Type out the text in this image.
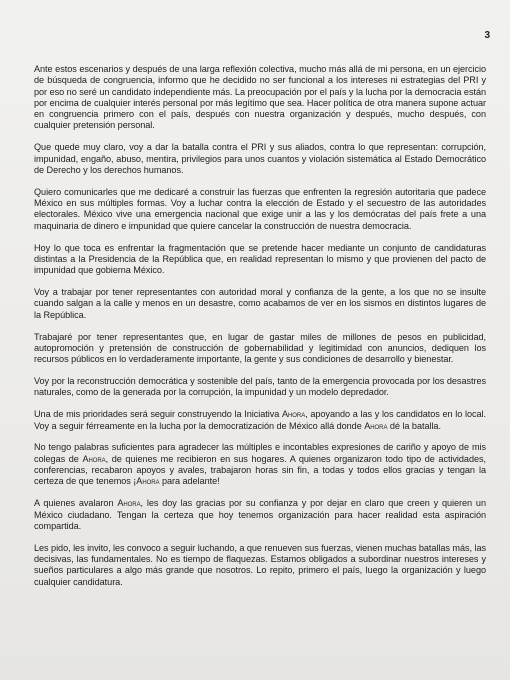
3

Ante estos escenarios y después de una larga reflexión colectiva, mucho más allá de mi persona, en un ejercicio de búsqueda de congruencia, informo que he decidido no ser funcional a los intereses ni estrategias del PRI y por eso no seré un candidato independiente más. La preocupación por el país y la lucha por la democracia están por encima de cualquier interés personal por más legítimo que sea. Hacer política de otra manera supone actuar en congruencia primero con el país, después con nuestra organización y después, mucho después, con cualquier pretensión personal.

Que quede muy claro, voy a dar la batalla contra el PRI y sus aliados, contra lo que representan: corrupción, impunidad, engaño, abuso, mentira, privilegios para unos cuantos y violación sistemática al Estado Democrático de Derecho y los derechos humanos.

Quiero comunicarles que me dedicaré a construir las fuerzas que enfrenten la regresión autoritaria que padece México en sus múltiples formas. Voy a luchar contra la elección de Estado y el secuestro de las autoridades electorales. México vive una emergencia nacional que exige unir a las y los demócratas del país frete a una maquinaria de dinero e impunidad que quiere cancelar la construcción de nuestra democracia.

Hoy lo que toca es enfrentar la fragmentación que se pretende hacer mediante un conjunto de candidaturas distintas a la Presidencia de la República que, en realidad representan lo mismo y que provienen del pacto de impunidad que gobierna México.

Voy a trabajar por tener representantes con autoridad moral y confianza de la gente, a los que no se insulte cuando salgan a la calle y menos en un desastre, como acabamos de ver en los sismos en distintos lugares de la República.

Trabajaré por tener representantes que, en lugar de gastar miles de millones de pesos en publicidad, autopromoción y pretensión de construcción de gobernabilidad y legitimidad con anuncios, dediquen los recursos públicos en lo verdaderamente importante, la gente y sus condiciones de desarrollo y bienestar.

Voy por la reconstrucción democrática y sostenible del país, tanto de la emergencia provocada por los desastres naturales, como de la generada por la corrupción, la impunidad y un modelo depredador.

Una de mis prioridades será seguir construyendo la Iniciativa Ahora, apoyando a las y los candidatos en lo local. Voy a seguir férreamente en la lucha por la democratización de México allá donde Ahora dé la batalla.

No tengo palabras suficientes para agradecer las múltiples e incontables expresiones de cariño y apoyo de mis colegas de Ahora, de quienes me recibieron en sus hogares. A quienes organizaron todo tipo de actividades, conferencias, recabaron apoyos y avales, trabajaron horas sin fin, a todas y todos ellos gracias y tengan la certeza de que tenemos ¡Ahora para adelante!

A quienes avalaron Ahora, les doy las gracias por su confianza y por dejar en claro que creen y quieren un México ciudadano. Tengan la certeza que hoy tenemos organización para hacer realidad esta aspiración compartida.

Les pido, les invito, les convoco a seguir luchando, a que renueven sus fuerzas, vienen muchas batallas más, las decisivas, las fundamentales. No es tiempo de flaquezas. Estamos obligados a subordinar nuestros intereses y sueños particulares a algo más grande que nosotros. Lo repito, primero el país, luego la organización y luego cualquier candidatura.
